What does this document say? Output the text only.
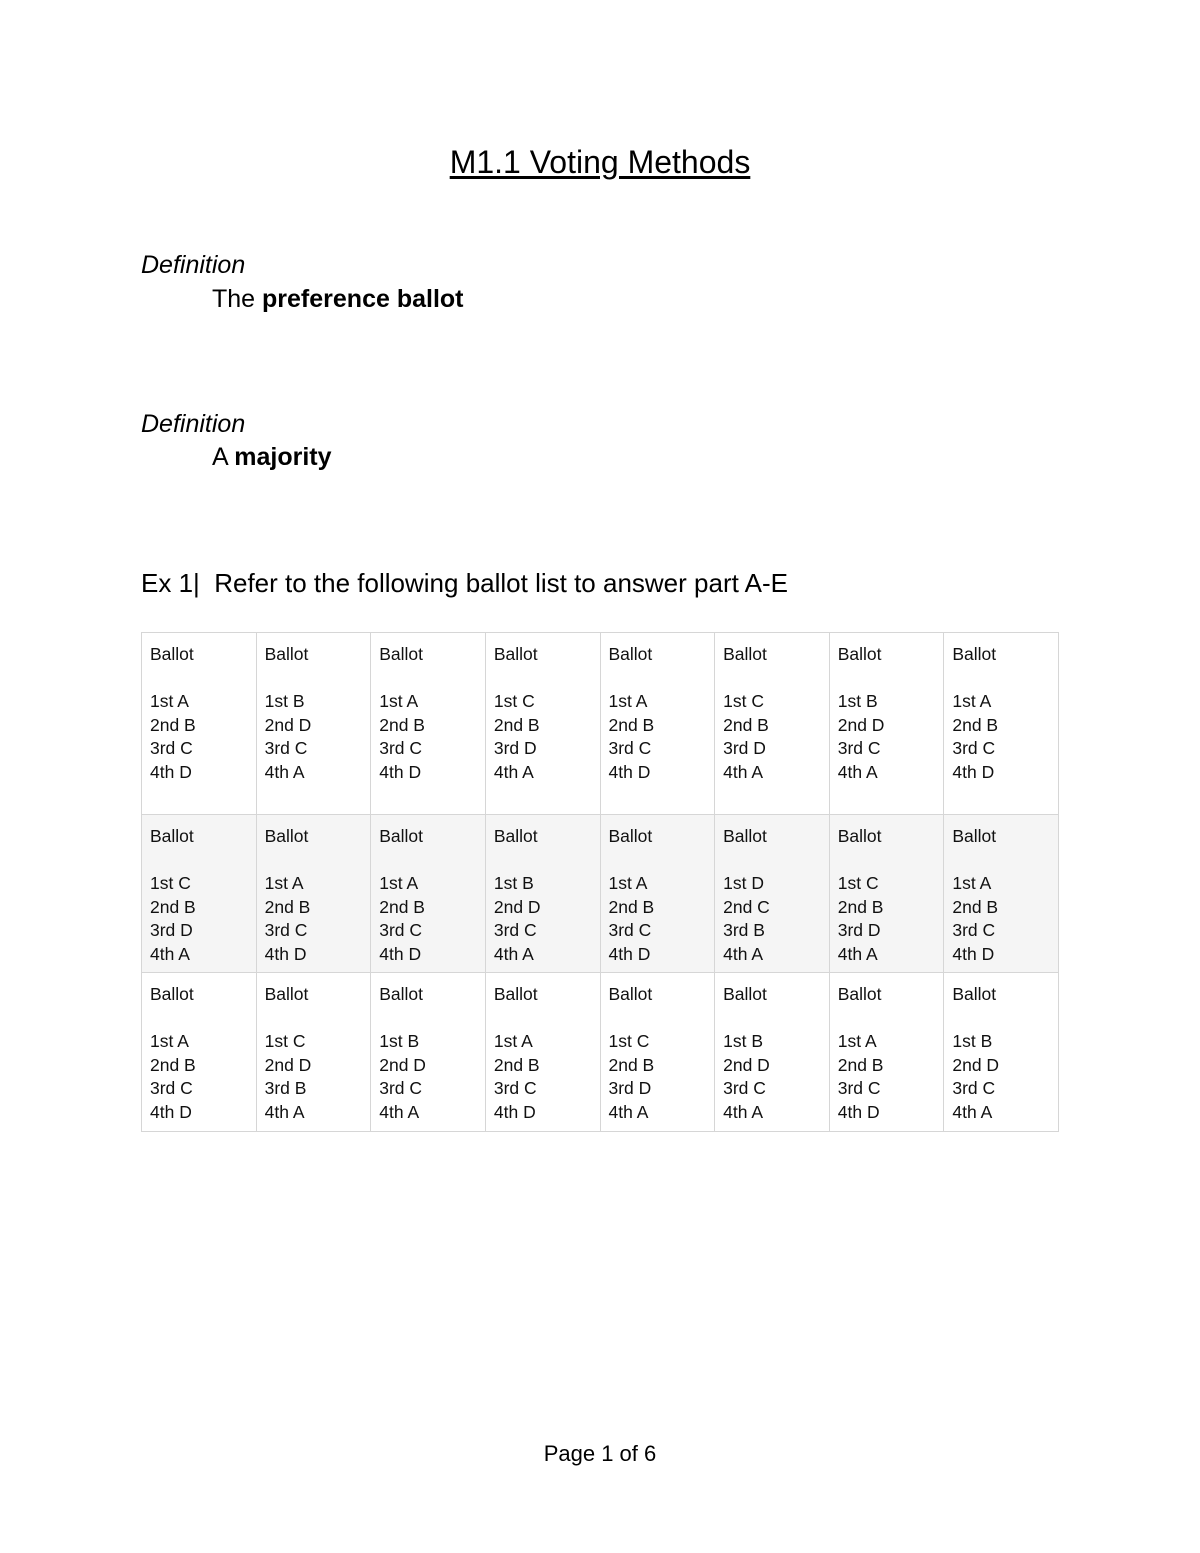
M1.1 Voting Methods
Definition
The preference ballot
Definition
A majority
Ex 1|  Refer to the following ballot list to answer part A-E
Ballot
1st A
2nd B
3rd C
4th D	Ballot
1st B
2nd D
3rd C
4th A	Ballot
1st A
2nd B
3rd C
4th D	Ballot
1st C
2nd B
3rd D
4th A	Ballot
1st A
2nd B
3rd C
4th D	Ballot
1st C
2nd B
3rd D
4th A	Ballot
1st B
2nd D
3rd C
4th A	Ballot
1st A
2nd B
3rd C
4th D

Ballot
1st C
2nd B
3rd D
4th A	Ballot
1st A
2nd B
3rd C
4th D	Ballot
1st A
2nd B
3rd C
4th D	Ballot
1st B
2nd D
3rd C
4th A	Ballot
1st A
2nd B
3rd C
4th D	Ballot
1st D
2nd C
3rd B
4th A	Ballot
1st C
2nd B
3rd D
4th A	Ballot
1st A
2nd B
3rd C
4th D

Ballot
1st A
2nd B
3rd C
4th D	Ballot
1st C
2nd D
3rd B
4th A	Ballot
1st B
2nd D
3rd C
4th A	Ballot
1st A
2nd B
3rd C
4th D	Ballot
1st C
2nd B
3rd D
4th A	Ballot
1st B
2nd D
3rd C
4th A	Ballot
1st A
2nd B
3rd C
4th D	Ballot
1st B
2nd D
3rd C
4th A
Page 1 of 6
